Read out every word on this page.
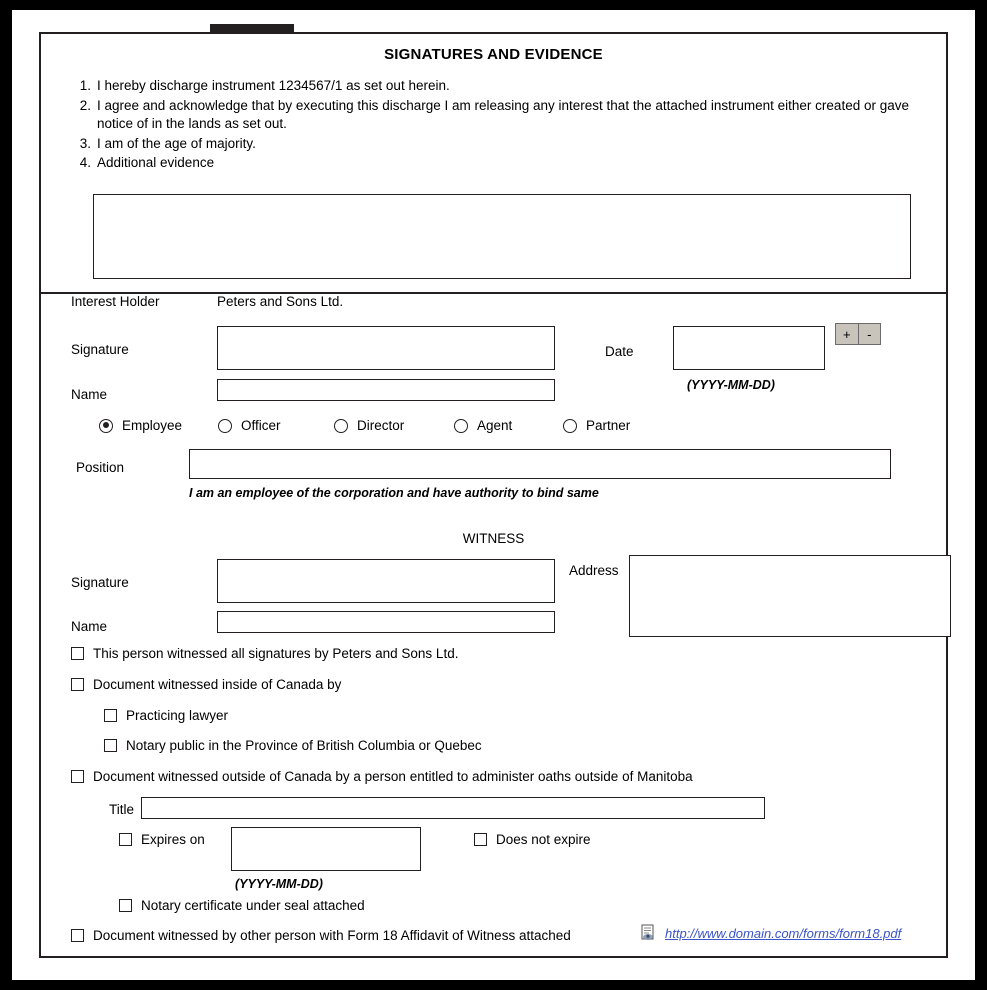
SIGNATURES AND EVIDENCE
I hereby discharge instrument 1234567/1 as set out herein.
I agree and acknowledge that by executing this discharge I am releasing any interest that the attached instrument either created or gave notice of in the lands as set out.
I am of the age of majority.
Additional evidence
Interest Holder	Peters and Sons Ltd.
Signature	Date
(YYYY-MM-DD)
+	-
Name
Employee	Officer	Director	Agent	Partner
Position
I am an employee of the corporation and have authority to bind same
WITNESS
Signature
Address
Name
This person witnessed all signatures by Peters and Sons Ltd.
Document witnessed inside of Canada by
Practicing lawyer
Notary public in the Province of British Columbia or Quebec
Document witnessed outside of Canada by a person entitled to administer oaths outside of Manitoba
Title
Expires on
(YYYY-MM-DD)
Does not expire
Notary certificate under seal attached
Document witnessed by other person with Form 18 Affidavit of Witness attached	http://www.domain.com/forms/form18.pdf
